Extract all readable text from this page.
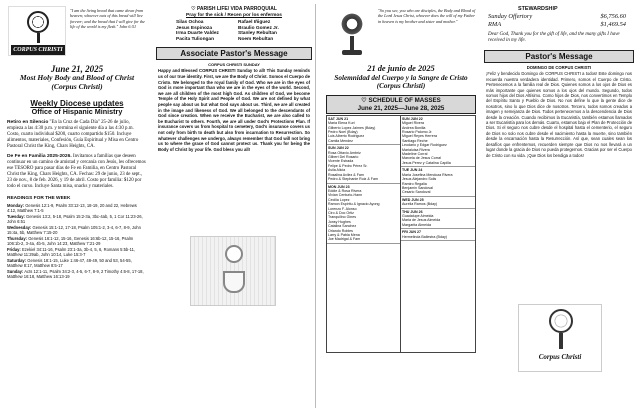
CORPUS CHRISTI
"I am the living bread that came down from heaven; whoever eats of this bread will live forever; and the bread that I will give for the life of the world is my flesh." John 6:51
June 21, 2025
Most Holy Body and Blood of Christ (Corpus Christi)
Weekly Diocese updates
Office of Hispanic Ministry
Retiro en Silencio "En la Cruz de Cada Día" 25-26 de julio, empieza a las 4:30 p.m. y termina el siguiente día a las 4:30 p.m. Costo, cuarto individual $200, cuarto compartido $150. Incluye alimentos, materiales, Confesión, Guía Espiritual y Misa en Centro Pastoral Christ the King, Chars Heights, CA.
De Fe en Familia 2025-2026. Invitamos a familias que deseen continuar en un camino de amistad y cercanía con Jesús, les ofrecemos ese TESORO para pasar días de Fe en Familia, en Centro Pastoral Christ the King, Chars Heights, CA. Fechas: 29 de junio, 23 de sept., 23 de nov., 8 de feb. 2026, y 19 de abril. Costo por familia: $120 por todo el curso. Incluye Santa misa, snacks y materiales.
READINGS FOR THE WEEK
Monday: Genesis 12:1-9, Psalm 33:12-13, 18-19, 20 and 22, Hebrews 4:12, Matthew 7:1-5
Tuesday: Genesis 13:2, 5-18, Psalm 15:2-3a, 3bc-4ab, 5, 1 Cor 11:23-26, John 6:51
Wednesday: Genesis 15:1-12, 17-18, Psalm 105:1-2, 3-4, 6-7, 8-9, John 15:4a, 5b, Matthew 7:15-20
Thursday: Genesis 16:1-12, 15-16, Genesis 16:6b-12, 15-16, Psalm 106:1b-2, 3-4a, 4b-5, John 14:23, Matthew 7:21-29
Friday: Ezekiel 34:11-16, Psalm 23:1-3a, 3b-4, 5, 6, Romans 5:5b-11, Matthew 11:29ab, John 10:14, Luke 15:3-7
Saturday: Genesis 18:1-15, Luke 1:46-47, 48-49, 50 and 53, 54-55, Matthew 8:17, Matthew 8:5-17
Sunday: Acts 12:1-11, Psalm 34:2-3, 4-5, 6-7, 8-9, 2 Timothy 4:6-8, 17-18, Matthew 16:18, Matthew 16:13-19
♡ PARISH LIFE/ VIDA PARROQUIAL
Pray for the sick / Recen por los enfermos
Silas Ochoa	Rafael Iñiguez
Jesus Espinoza	Braulio Gomez Jr.
Irma Duarte Valdez	Stanley Rebultan
Pacita Tuliongan	Noem Rebultan
Associate Pastor's Message
CORPUS CHRISTI SUNDAY
Happy and Blessed CORPUS CHRISTI Sunday to all! This Sunday reminds us of our true identity. First, we are the Body of Christ. Somos el Cuerpo de Cristo. We belonged to the royal family of God. Who we are in the eyes of God is more important than who we are in the eyes of the world. Second, we are all children of the most high God. As children of God, we become Temple of the Holy Spirit and People of God. We are not defined by what people say about us but what God says about us. Third, we are all created in the image and likeness of God. We all belonged to the descendants of God since creation. When we receive the Eucharist, we are also called to be Eucharist to others. Fourth, we are all under God's Protections Plan. If insurance covers us from hospital to cemetery, God's insurance covers us not only from birth to death but also from incarnation to Resurrection. So whatever challenges we undergo, always remember that God will not bring us to where the grace of God cannot protect us. Thank you for being the Body of Christ by your life. God bless you all!
"So you see, you who are disciples, the Body and Blood of the Lord Jesus Christ, whoever does the will of my Father in heaven is my brother and sister and mother."
21 de junio de 2025
Solemnidad del Cuerpo y la Sangre de Cristo (Corpus Christi)
♡ SCHEDULE OF MASSES
June 21, 2025—June 28, 2025
SAT JUN 21
Maria Elena Kuri
Gilberto Lopez Jaimes (Bday)
Pedro Noel (Bday)
Luis Alberto Rodriguez
Camila Mendez
SUN JUN 22
Rosa Ottavio Ambriz
Gilbert Del Rosario
Vicente Estrada
Felipe & Pedro Pérez Sr.
Avila Alicia
Rosalina Avilez & Fam
Pedro & Stephanie Ruiz & Fam
MON JUN 23
Eddie & Rosa Rivera
Vivian Centurio-Hann
Cecilia Lopez
Ramon Espiritu & Ignacio Ayong
Lorenzo F. Alonso
Ciro & Doc Ortiz
Tranquilino Gines
Jonsy Hughes
Catalina Sanchez
Orlando Robles
Larry & Pabla Mena
Joe Madrigal & Fam
SUN JUN 22
Miguel Rivera
Andrea Bonilla
Rosario Palomo Jr.
Miguel Reyes Herrera
Santiago Reche
Leodario y Edgar Rodriguez
Marialuisa Rivera
Madeline Corral
Marcela de Jesus Corral
Jesus Perez y Catalina Capilla
TUE JUN 24
Maria Josefina Mendoza Rivera
Jesus Alejandro Solis
Ramiro Regalia
Benjamin Sandoval
Cesario Sandoval
WED JUN 25
Aurelia Ramos (Bday)
THU JUN 26
Guadalupe Almeida
Maria de Jesus Almeida
Margarita Almeida
FRI JUN 27
Hermelinda Ballestra (Bday)
STEWARDSHIP
Sunday Offertory	$6,756.60
RMA	$1,469.54
Dear God, Thank you for the gift of life, and the many gifts I have received in my life.
Pastor's Message
DOMINGO DE CORPUS CHRISTI
¡Feliz y bendecido Domingo de CORPUS CHRISTI a todos! Este domingo nos recuerda nuestra verdadera identidad. Primero, somos el Cuerpo de Cristo. Pertenecemos a la familia real de Dios. Quienes somos a los ojos de Dios es más importante que quienes somos a los ojos del mundo. Segundo, todos somos hijos del Dios Altísimo. Como hijos de Dios, nos convertimos en Templo del Espíritu Santo y Pueblo de Dios. No nos define lo que la gente dice de nosotros, sino lo que Dios dice de nosotros. Tercero, todos somos creados a imagen y semejanza de Dios. Todos pertenecemos a la descendencia de Dios desde la creación. Cuando recibimos la Eucaristía, también estamos llamados a ser Eucaristía para los demás. Cuarto, estamos bajo el Plan de Protección de Dios. Si el seguro nos cubre desde el hospital hasta el cementerio, el seguro de Dios no solo nos cubre desde el nacimiento hasta la muerte, sino también desde la encarnación hasta la Resurrección. Así que, sean cuales sean los desafíos que enfrentemos, recuerden siempre que Dios no nos llevará a un lugar donde la gracia de Dios no pueda protegernos. Gracias por ser el Cuerpo de Cristo con su vida. ¡Que Dios los bendiga a todos!
Corpus Christi
